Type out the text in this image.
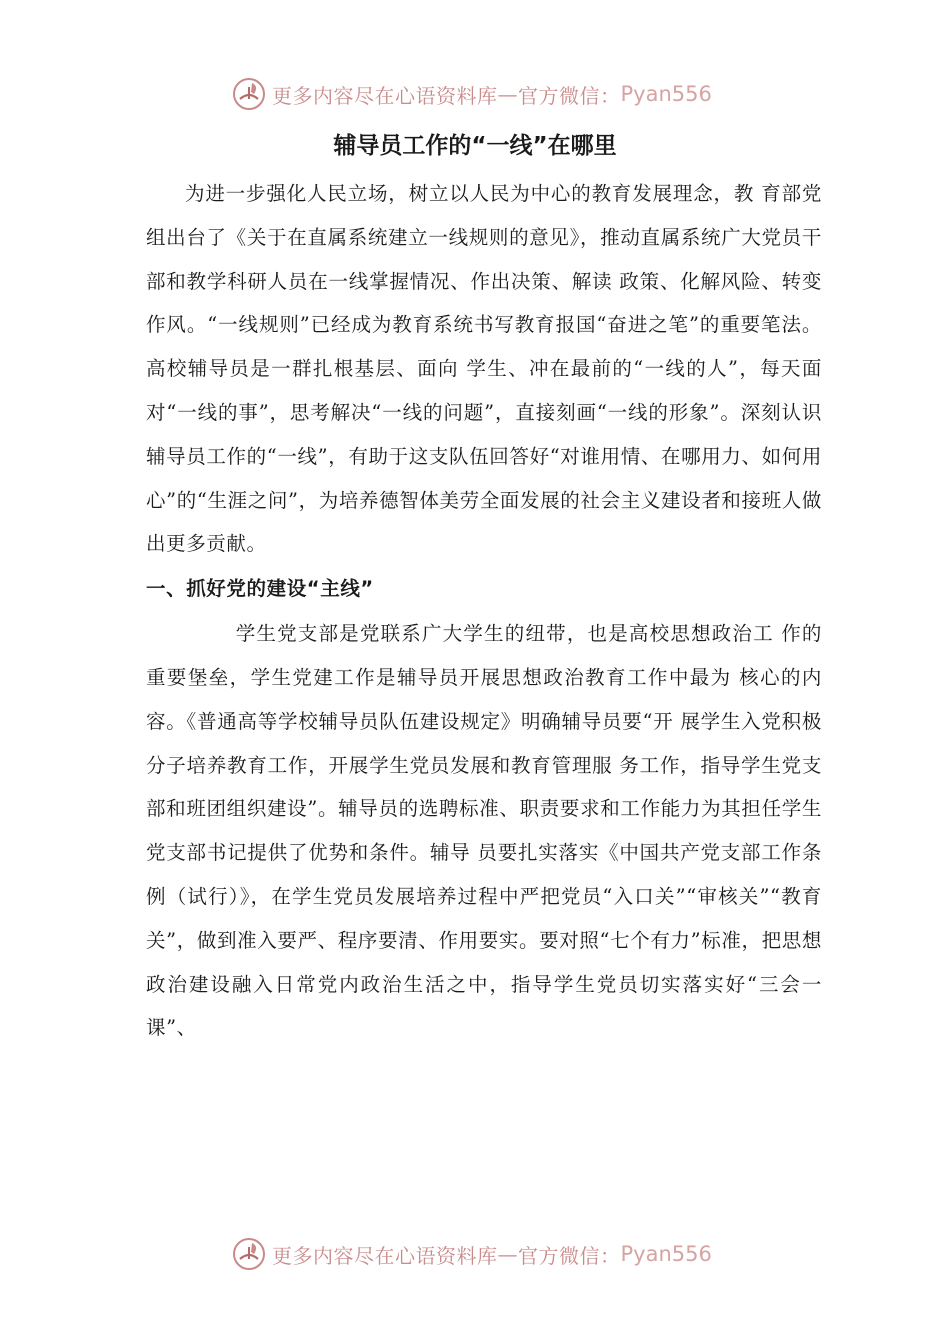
更多内容尽在心语资料库 — 官方微信： Pyan556
辅导员工作的“一线”在哪里

为进一步强化人民立场，树立以人民为中心的教育发展理念，教 育部党组出台了《关于在直属系统建立一线规则的意见》，推动直属系统广大党员干部和教学科研人员在一线掌握情况、作出决策、解读 政策、化解风险、转变作风。“一线规则”已经成为教育系统书写教育报国“奋进之笔”的重要笔法。高校辅导员是一群扎根基层、面向 学生、冲在最前的“一线的人”，每天面对“一线的事”，思考解决“一线的问题”，直接刻画“一线的形象”。深刻认识辅导员工作的“一线”，有助于这支队伍回答好“对谁用情、在哪用力、如何用心”的“生涯之问”，为培养德智体美劳全面发展的社会主义建设者和接班人做出更多贡献。

一、抓好党的建设“主线”

学生党支部是党联系广大学生的纽带，也是高校思想政治工 作的重要堡垒，学生党建工作是辅导员开展思想政治教育工作中最为 核心的内容。《普通高等学校辅导员队伍建设规定》明确辅导员要“开 展学生入党积极分子培养教育工作，开展学生党员发展和教育管理服 务工作，指导学生党支部和班团组织建设”。辅导员的选聘标准、职责要求和工作能力为其担任学生党支部书记提供了优势和条件。辅导 员要扎实落实《中国共产党支部工作条例（试行）》，在学生党员发展培养过程中严把党员“入口关”“审核关”“教育关”，做到准入要严、程序要清、作用要实。要对照“七个有力”标准，把思想政治建设融入日常党内政治生活之中，指导学生党员切实落实好“三会一课”、

更多内容尽在心语资料库 — 官方微信： Pyan556
